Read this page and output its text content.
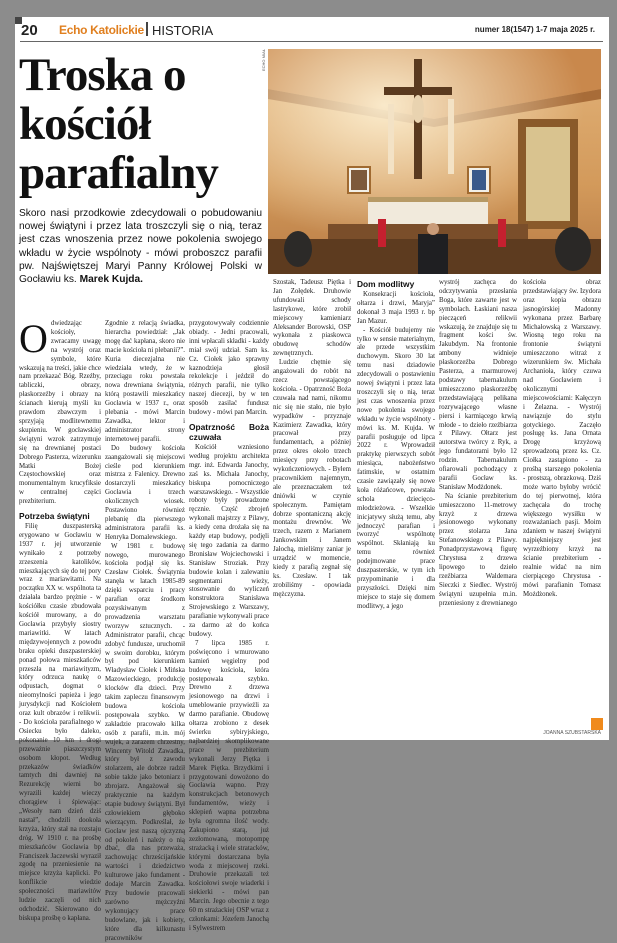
20 Echo Katolickie HISTORIA	numer 18(1547) 1-7 maja 2025 r.
Troska o kościół parafialny
ECHO MIAŁ

Skoro nasi przodkowie zdecydowali o pobudowaniu nowej świątyni i przez lata troszczyli się o nią, teraz jest czas wnoszenia przez nowe pokolenia swojego wkładu w życie wspólnoty - mówi proboszcz parafii pw. Najświętszej Maryi Panny Królowej Polski w Gocławiu ks. Marek Kujda.

Odwiedzając kościoły, zwracamy uwagę na wystrój oraz symbole, które wskazują na treści, jakie chce nam przekazać Bóg. Rzeźby, tabliczki, obrazy, płaskorzeźby i obrazy na ścianach kierują myśli ku prawdom zbawczym i sprzyjają modlitewnemu skupieniu. W gocławskiej świątyni wzrok zatrzymuje się na drewnianej postaci Dobrego Pasterza, wizerunku Matki Bożej Częstochowskiej oraz monumentalnym krucyfiksie w centralnej części prezbiterium.

Potrzeba świątyni

Filię duszpasterską erygowano w Gocławiu w 1937 r. jej utworzenie wynikało z potrzeby zrzeszenia katolików, mieszkających się do tej pory wraz z mariawitami. Na początku XX w. wspólnota ta działała bardzo prężnie - w kościółku czasie zbudowała kościół murowany, a do Gocławia przybyły siostry mariawitki. W latach międzywojennych z powodu braku opieki duszpasterskiej ponad połowa mieszkańców przeszła na mariawityzm, który odrzuca naukę o odpustach, dogmat o nieomylności papieża i jego jurysdykcji nad Kościołem oraz kult obrazów i relikwii. - Do kościoła parafialnego w Osiecku było daleko, pokonanie 10 km i drogi przeważnie piaszczystym osobom kłopot. Według przekazów świadków tamtych dni dawniej na Rezurekcję wierni bo wyrazili każdej wieczy chorągiew i śpiewając: „Wesoły nam dzień dziś nastał”, chodzili dookoła krzyża, który stał na rozstaju dróg. W 1910 r. na prośbę mieszkańców Gocławia bp Franciszek Jaczewski wyraził zgodę na przeniesienie na miejsce krzyża kaplicki. Po konflikcie wiedzie społeczności mariawitów ludzie zaczęli od nich odchodzić. Skierowano do biskupa prośbę o kapłana.

Zgodnie z relacją świadka, hierarcha powiedział: „Jak mogę dać kapłana, skoro nie macie kościoła ni plebanii?”. Kuria diecezjalna nie wiedziała wtedy, że w przeciągu roku powstała nowa drewniana świątynia, którą postawili mieszkańcy Gocławia w 1937 r., oraz plebania - mówi Marcin Zawadka, lektor i administrator strony internetowej parafii.

Do budowy kościoła zaangażowali się miejscowi cieśle pod kierunkiem mistrza z Falenicy. Drewno dostarczyli mieszkańcy Gocławia i trzech okolicznych wiosek. Postawiono również plebanię dla pierwszego administratora parafii ks. Henryka Domalewskiego.

W 1981 r. budowę nowego, murowanego kościoła podjął się ks. Czesław Ciołek. Świątynia stanęła w latach 1985-89 dzięki wsparciu i pracy parafian oraz środkom pozyskiwanym z prowadzenia warsztatu tworzyw sztucznych. - Administrator parafii, chcąc zdobyć fundusze, uruchomił w swoim dorobku, którym był pod kierunkiem Władysław Ciołek i Mińska Mazowieckiego, produkcję klocków dla dzieci. Przy takim zapleczu finansowym budowa kościoła postępowała szybko. W zakładzie pracowało kilka osób z parafii, m.in. mój wujek, a zarazem chrzestny, Wincenty Witold Zawadka, który był z zawodu stolarzem, ale dobrze radził sobie także jako betoniarz i zbrojarz. Angażował się praktycznie na każdym etapie budowy świątyni. Był człowiekiem głęboko wierzącym. Podkreślał, że Gocław jest naszą ojczyzną od pokoleń i należy o nią dbać, dla nas przeważa, zachowując chrześcijańskie wartości i dziedzictwo kulturowe jako fundament - dodaje Marcin Zawadka. Przy budowie pracowali zarówno mężczyźni wykonujący prace budowlane, jak i kobiety, które dla kilkunastu pracowników

przygotowywały codziennie obiady. - Jedni pracowali, inni wpłacali składki - każdy miał swój udział. Sam ks. Cz. Ciołek jako sprawny kaznodzieja głosił rekolekcje i jeździł do różnych parafii, nie tylko naszej diecezji, by w ten sposób zasilać fundusz budowy - mówi pan Marcin.

Opatrzność Boża czuwała

Kościół wzniesiono według projektu architekta mgr. inż. Edwarda Janochy, zaś ks. Michała Janochy, biskupa pomocniczego warszawskiego. - Wszystkie roboty były prowadzone ręcznie. Część zbrojeń wykonali majstrzy z Pilawy, a kiedy cena drożała się na każdy etap budowy, podjęli się tego zadania za darmo Bronisław Wojciechowski i Stanisław Stroziak. Przy budowie kolan i zalewaniu segmentami wieży, stosowanie do wyliczeń konstruktora Stanisława Strojewskiego z Warszawy, parafianie wykonywali prace za darmo aż do końca budowy.

7 lipca 1985 r. poświęcono i wmurowano kamień węgielny pod budowę kościoła, która postępowała szybko. Drewno z drzewa jesionowego na drzwi i umeblowanie przywieźli za darmo parafianie. Obudowę ołtarza zrobiono z desek świerku sybiryjskiego, najbardziej skomplikowane prace w prezbiterium wykonali Jerzy Piętka i Marek Piętka. Brzydkimi i przygotowani dowożono do Gocławia wapno. Przy konstrukcjach betonowych fundamentów, wieży i sklepień wapna potrzebna była ogromna ilość wody. Zakupiono starą, już zezłomowaną, motopompę strażacką i wiele stratacków, którymi dostarczana była woda z miejscowej rzeki. Druhowie przekazali też kościołowi swoje wiaderki i siekierki - mówi pan Marcin. Jego obecnie z tego 60 m strażackiej OSP wraz z członkami: Józefem Janochą i Sylwestrem

Szostak, Tadeusz Piętka i Jan Zołędek. Druhowie ufundowali schody lastrykowe, które zrobił miejscowy kamieniarz Aleksander Borowski, OSP wykonała z piaskowca obudowę schodów zewnętrznych.

Ludzie chętnie się angażowali do robót na rzecz powstającego kościoła. - Opatrzność Boża czuwała nad nami, nikomu nic się nie stało, nie było wypadków - przyznaje Kazimierz Zawadka, który pracował przy fundamentach, a później przez okres około trzech miesięcy przy robotach wykończeniowych. - Byłem pracownikiem najemnym, ale przeznaczałem też dniówki w czynie społecznym. Pamiętam dobrze spontaniczną akcję montażu drewnów. We trzech, razem z Marianem Jankowskim i Janem Jałochą, mieliśmy zaniar je urządzić w momencie, kiedy z parafią zegnał się ks. Czesław. I tak zrobiliśmy - opowiada mężczyzna.

Dom modlitwy

Konsekracji kościoła, ołtarza i drzwi, Maryja” dokonał 3 maja 1993 r. bp Jan Mazur.

- Kościół budujemy nie tylko w sensie materialnym, ale przede wszystkim duchowym. Skoro 30 lat temu nasi dziadowie zdecydowali o postawieniu nowej świątyni i przez lata troszczyli się o nią, teraz jest czas wnoszenia przez nowe pokolenia swojego wkładu w życie wspólnoty - mówi ks. M. Kujda. W parafii posługuje od lipca 2022 r. Wprowadził praktykę pierwszych sobót miesiąca, nabożeństwo fatimskie, w ostatnim czasie zawiązały się nowe koła różańcowe, powstała schola dziecięco-młodzieżowa. - Wszelkie inicjatywy służą temu, aby jednoczyć parafian i tworzyć wspólnotę wspólnot. Skłaniają ku temu również podejmowane prace duszpasterskie, w tym ich przypominanie i dla przyszłości. Dzięki nim miejsce to staje się domem modlitwy, a jego

wystrój zachęca do odczytywania przesłania Boga, które zawarte jest w symbolach. Łaskiani nasza piecząceń relikwii wskazują, że znajduje się tu fragment kości św. Jakubdym. Na frontonie ambony widnieje płaskorzeźba Dobrego Pasterza, a marmurowej podstawy tabernakulum umieszczono płaskorzeźbę przedstawiającą pelikana rozrywającego własne piersi i karmiącego krwią młode - to dzieło rzeźbiarza z Pilawy. Ołtarz jest autorstwa twórcy z Ryk, a jego fundatorami było 12 rodzin. Tabernakulum ofiarowali pochodzący z parafii Gocław ks. Stanisław Modżdonek.

Na ścianie prezbiterium umieszczono 11-metrowy krzyż z drzewa jesionowego wykonany przez stolarza Jana Stefanowskiego z Pilawy. Ponadprzystawową figurę Chrystusa z drzewa lipowego to dzieło rzeźbiarza Waldemara Sieczki z Siedlec. Wystrój świątyni uzupełnia m.in. przeniesiony z drewnianego kościoła obraz przedstawiający św. Izydora oraz kopia obrazu jasnogórskiej Madonny wykonana przez Barbarę Michałowską z Warszawy. Wiosną tego roku na frontonie świątyni umieszczono witraż z wizerunkiem św. Michała Archanioła, który czuwa nad Gocławiem i okolicznymi miejscowościami: Kałęczyn i Żelazna. - Wystrój nawiązuje do stylu gotyckiego. Zaczęło posługę ks. Jana Ornata Drogę krzyżową sprowadzoną przez ks. Cz. Ciołka zastąpiono - za prośbą starszego pokolenia - prostszą, obrazkową. Dziś może warto byłoby wrócić do tej pierwotnej, która zachęcała do trochę większego wysiłku w rozważaniach pasji. Moim zdaniem w naszej świątyni najpiękniejszy jest wyrzeźbiony krzyż na ścianie prezbiterium - realnie widać na nim cierpiącego Chrystusa - mówi parafianin Tomasz Możdżonek.

JOANNA SZUBSTARSKA
